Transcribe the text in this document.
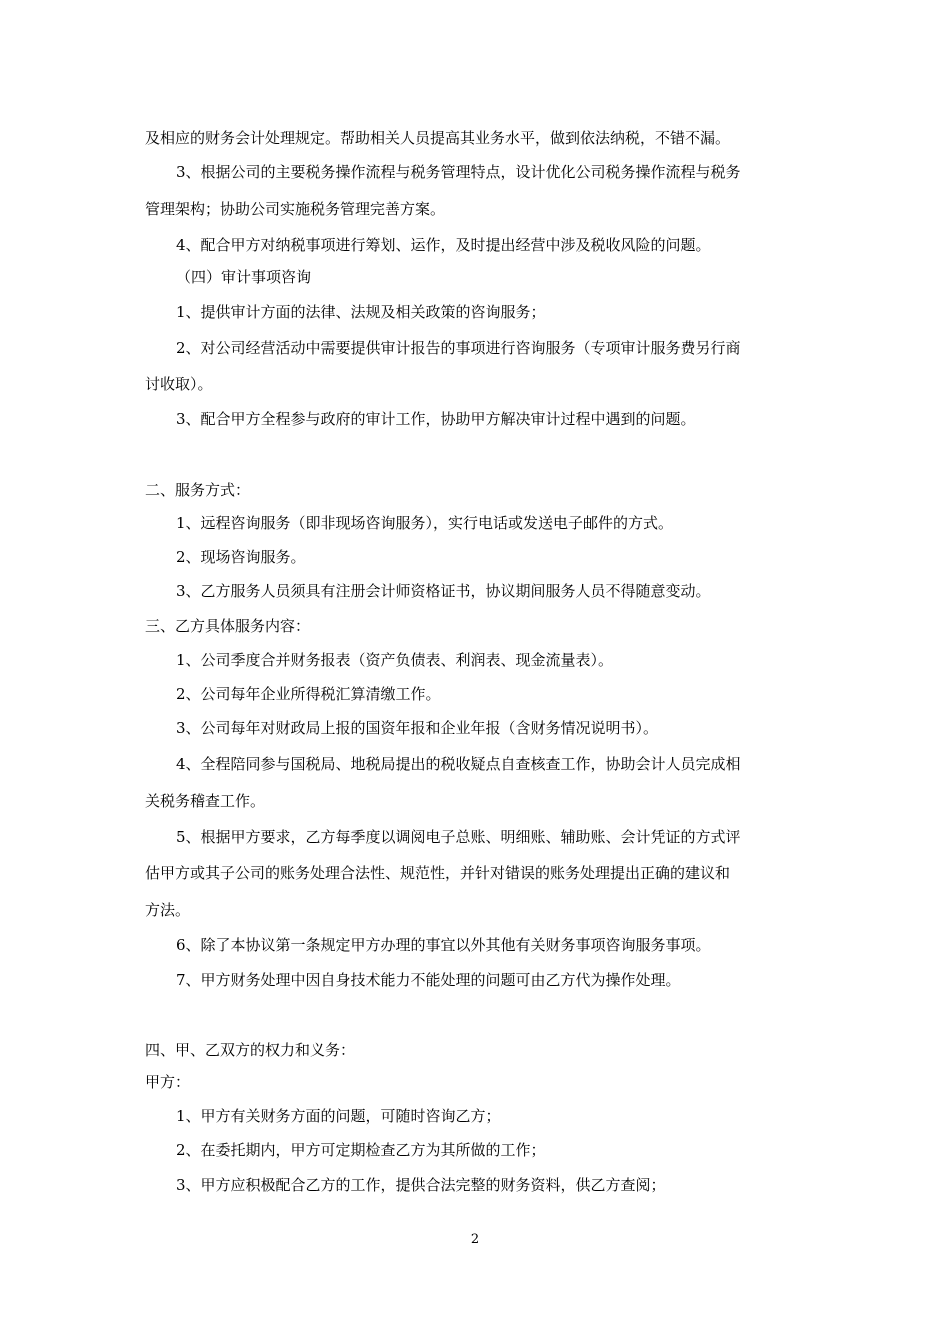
及相应的财务会计处理规定。帮助相关人员提高其业务水平，做到依法纳税，不错不漏。
3、根据公司的主要税务操作流程与税务管理特点，设计优化公司税务操作流程与税务
管理架构；协助公司实施税务管理完善方案。
4、配合甲方对纳税事项进行筹划、运作，及时提出经营中涉及税收风险的问题。
（四）审计事项咨询
1、提供审计方面的法律、法规及相关政策的咨询服务；
2、对公司经营活动中需要提供审计报告的事项进行咨询服务（专项审计服务费另行商
讨收取）。
3、配合甲方全程参与政府的审计工作，协助甲方解决审计过程中遇到的问题。
二、服务方式：
1、远程咨询服务（即非现场咨询服务），实行电话或发送电子邮件的方式。
2、现场咨询服务。
3、乙方服务人员须具有注册会计师资格证书，协议期间服务人员不得随意变动。
三、乙方具体服务内容：
1、公司季度合并财务报表（资产负债表、利润表、现金流量表）。
2、公司每年企业所得税汇算清缴工作。
3、公司每年对财政局上报的国资年报和企业年报（含财务情况说明书）。
4、全程陪同参与国税局、地税局提出的税收疑点自查核查工作，协助会计人员完成相
关税务稽查工作。
5、根据甲方要求，乙方每季度以调阅电子总账、明细账、辅助账、会计凭证的方式评
估甲方或其子公司的账务处理合法性、规范性，并针对错误的账务处理提出正确的建议和
方法。
6、除了本协议第一条规定甲方办理的事宜以外其他有关财务事项咨询服务事项。
7、甲方财务处理中因自身技术能力不能处理的问题可由乙方代为操作处理。
四、甲、乙双方的权力和义务：
甲方：
1、甲方有关财务方面的问题，可随时咨询乙方；
2、在委托期内，甲方可定期检查乙方为其所做的工作；
3、甲方应积极配合乙方的工作，提供合法完整的财务资料，供乙方查阅；
2
